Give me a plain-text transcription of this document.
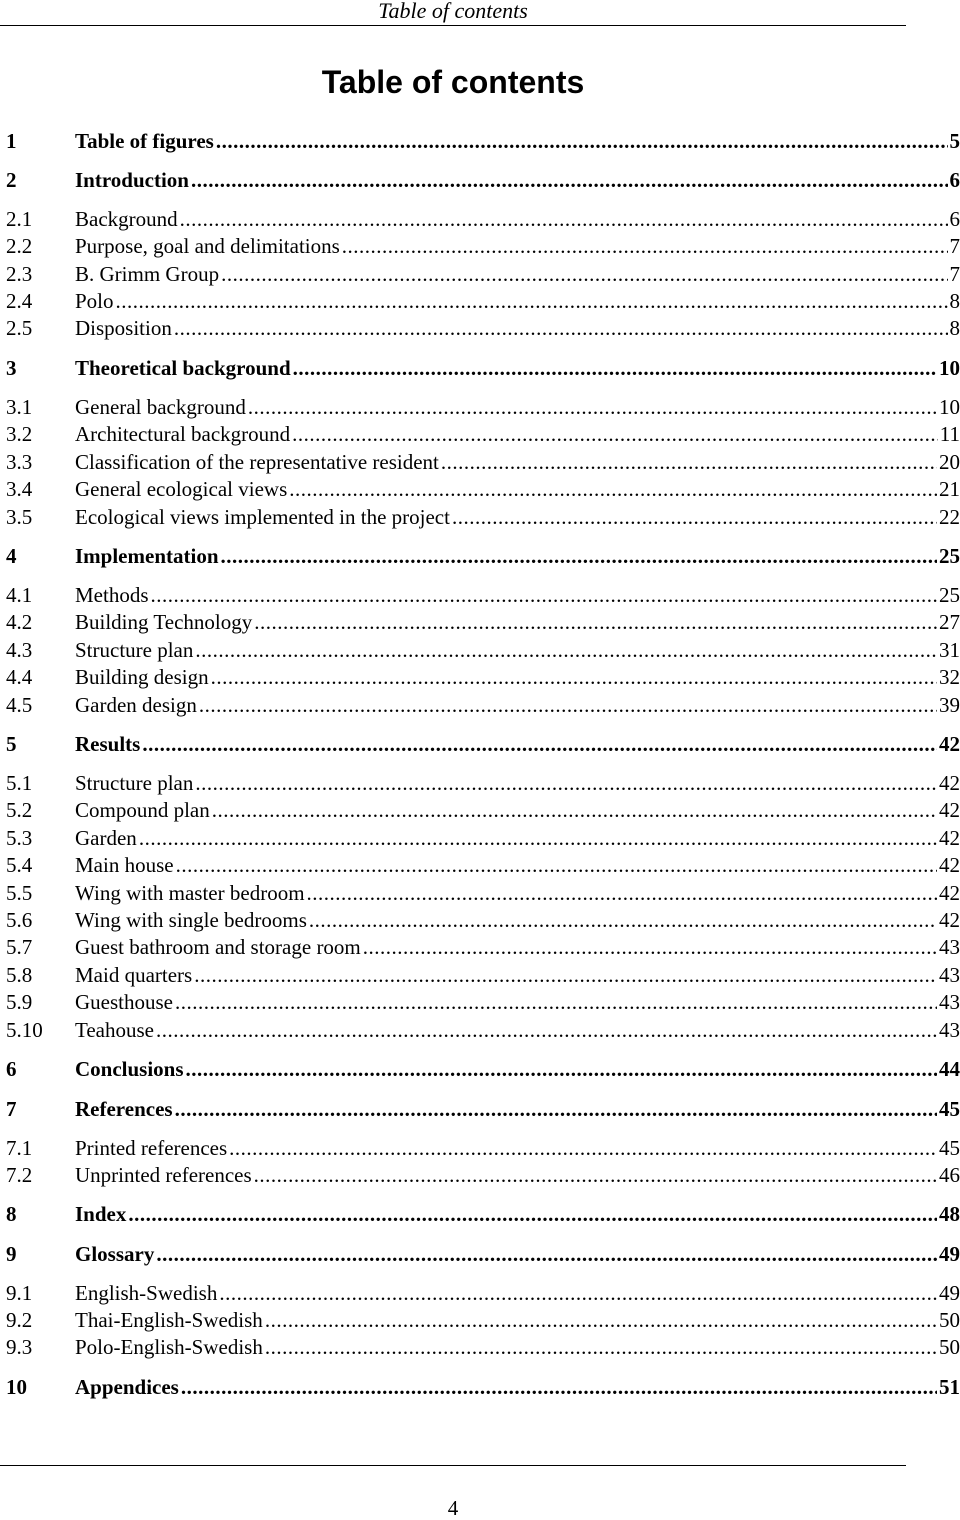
Table of contents
Table of contents
1	Table of figures .....	5
2	Introduction .....	6
2.1	Background .....	6
2.2	Purpose, goal and delimitations .....	7
2.3	B. Grimm Group .....	7
2.4	Polo .....	8
2.5	Disposition .....	8
3	Theoretical background .....	10
3.1	General background .....	10
3.2	Architectural background .....	11
3.3	Classification of the representative resident .....	20
3.4	General ecological views .....	21
3.5	Ecological views implemented in the project .....	22
4	Implementation .....	25
4.1	Methods .....	25
4.2	Building Technology .....	27
4.3	Structure plan .....	31
4.4	Building design .....	32
4.5	Garden design .....	39
5	Results .....	42
5.1	Structure plan .....	42
5.2	Compound plan .....	42
5.3	Garden .....	42
5.4	Main house .....	42
5.5	Wing with master bedroom .....	42
5.6	Wing with single bedrooms .....	42
5.7	Guest bathroom and storage room .....	43
5.8	Maid quarters .....	43
5.9	Guesthouse .....	43
5.10	Teahouse .....	43
6	Conclusions .....	44
7	References .....	45
7.1	Printed references .....	45
7.2	Unprinted references .....	46
8	Index .....	48
9	Glossary .....	49
9.1	English-Swedish .....	49
9.2	Thai-English-Swedish .....	50
9.3	Polo-English-Swedish .....	50
10	Appendices .....	51
4
